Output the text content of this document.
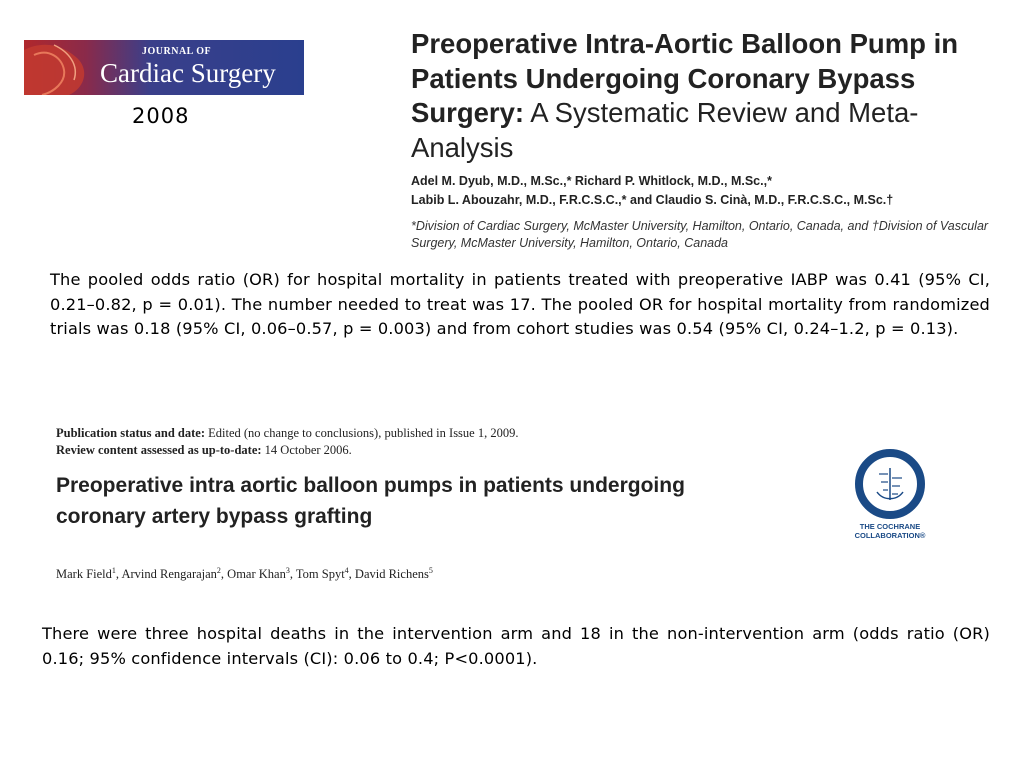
JOURNAL OF
Cardiac Surgery
2008
Preoperative Intra-Aortic Balloon Pump in Patients Undergoing Coronary Bypass Surgery: A Systematic Review and Meta-Analysis
Adel M. Dyub, M.D., M.Sc.,* Richard P. Whitlock, M.D., M.Sc.,*
Labib L. Abouzahr, M.D., F.R.C.S.C.,* and Claudio S. Cinà, M.D., F.R.C.S.C., M.Sc.†
*Division of Cardiac Surgery, McMaster University, Hamilton, Ontario, Canada, and †Division of Vascular Surgery, McMaster University, Hamilton, Ontario, Canada
The pooled odds ratio (OR) for hospital mortality in patients treated with preoperative IABP was 0.41 (95% CI, 0.21–0.82, p = 0.01). The number needed to treat was 17. The pooled OR for hospital mortality from randomized trials was 0.18 (95% CI, 0.06–0.57, p = 0.003) and from cohort studies was 0.54 (95% CI, 0.24–1.2, p = 0.13).
Publication status and date: Edited (no change to conclusions), published in Issue 1, 2009.
Review content assessed as up-to-date: 14 October 2006.
Preoperative intra aortic balloon pumps in patients undergoing coronary artery bypass grafting
Mark Field$^1$, Arvind Rengarajan$^2$, Omar Khan$^3$, Tom Spyt$^4$, David Richens$^5$
THE COCHRANE
COLLABORATION®
There were three hospital deaths in the intervention arm and 18 in the non-intervention arm (odds ratio (OR) 0.16; 95% confidence intervals (CI): 0.06 to 0.4; P<0.0001).
